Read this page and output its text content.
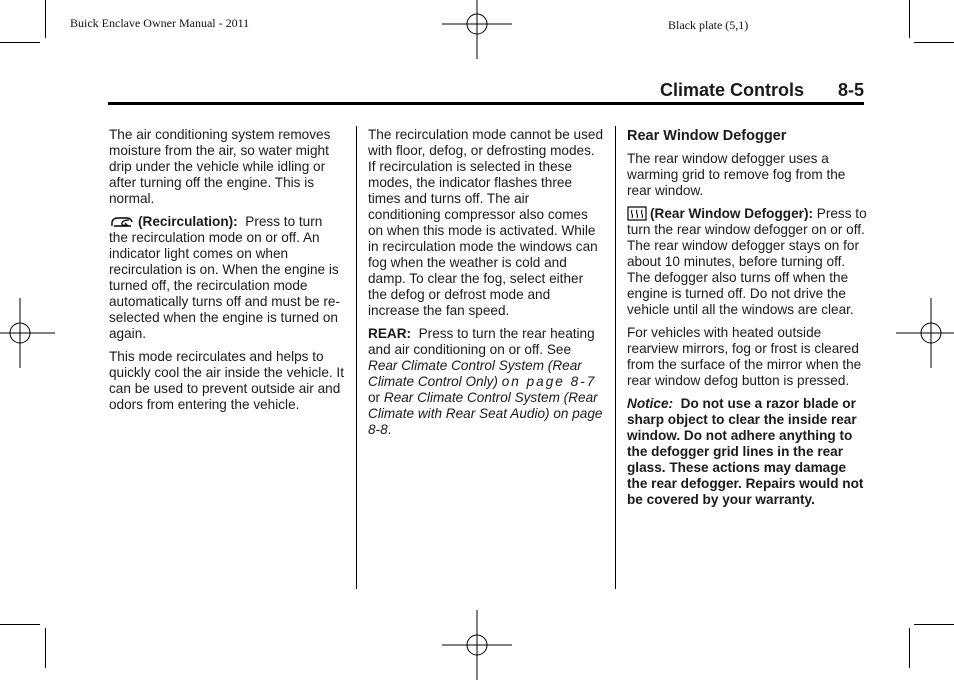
Buick Enclave Owner Manual - 2011	Black plate (5,1)
Climate Controls 8-5

The air conditioning system removes moisture from the air, so water might drip under the vehicle while idling or after turning off the engine. This is normal.

(Recirculation): Press to turn the recirculation mode on or off. An indicator light comes on when recirculation is on. When the engine is turned off, the recirculation mode automatically turns off and must be re-selected when the engine is turned on again.

This mode recirculates and helps to quickly cool the air inside the vehicle. It can be used to prevent outside air and odors from entering the vehicle.

The recirculation mode cannot be used with floor, defog, or defrosting modes. If recirculation is selected in these modes, the indicator flashes three times and turns off. The air conditioning compressor also comes on when this mode is activated. While in recirculation mode the windows can fog when the weather is cold and damp. To clear the fog, select either the defog or defrost mode and increase the fan speed.

REAR: Press to turn the rear heating and air conditioning on or off. See Rear Climate Control System (Rear Climate Control Only) on page 8-7 or Rear Climate Control System (Rear Climate with Rear Seat Audio) on page 8-8.

Rear Window Defogger

The rear window defogger uses a warming grid to remove fog from the rear window.

(Rear Window Defogger): Press to turn the rear window defogger on or off. The rear window defogger stays on for about 10 minutes, before turning off. The defogger also turns off when the engine is turned off. Do not drive the vehicle until all the windows are clear.

For vehicles with heated outside rearview mirrors, fog or frost is cleared from the surface of the mirror when the rear window defog button is pressed.

Notice: Do not use a razor blade or sharp object to clear the inside rear window. Do not adhere anything to the defogger grid lines in the rear glass. These actions may damage the rear defogger. Repairs would not be covered by your warranty.
